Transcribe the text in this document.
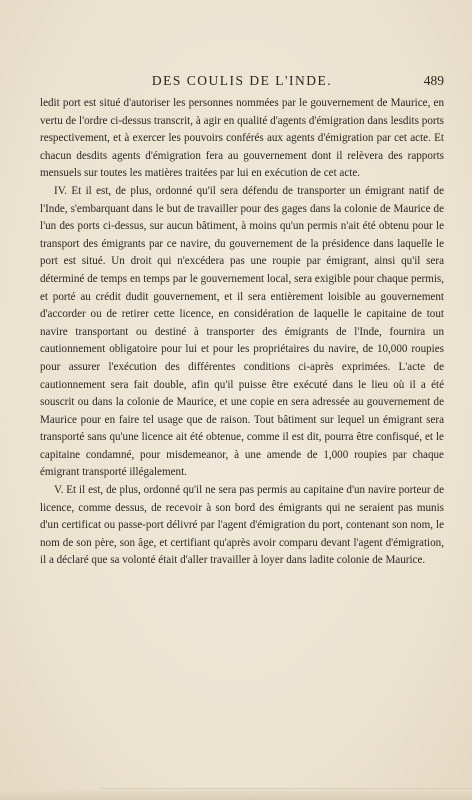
DES COULIS DE L'INDE.	489

ledit port est situé d'autoriser les personnes nommées par le gouvernement de Maurice, en vertu de l'ordre ci-dessus transcrit, à agir en qualité d'agents d'émigration dans lesdits ports respectivement, et à exercer les pouvoirs conférés aux agents d'émigration par cet acte. Et chacun desdits agents d'émigration fera au gouvernement dont il relèvera des rapports mensuels sur toutes les matières traitées par lui en exécution de cet acte.

IV. Et il est, de plus, ordonné qu'il sera défendu de transporter un émigrant natif de l'Inde, s'embarquant dans le but de travailler pour des gages dans la colonie de Maurice de l'un des ports ci-dessus, sur aucun bâtiment, à moins qu'un permis n'ait été obtenu pour le transport des émigrants par ce navire, du gouvernement de la présidence dans laquelle le port est situé. Un droit qui n'excédera pas une roupie par émigrant, ainsi qu'il sera déterminé de temps en temps par le gouvernement local, sera exigible pour chaque permis, et porté au crédit dudit gouvernement, et il sera entièrement loisible au gouvernement d'accorder ou de retirer cette licence, en considération de laquelle le capitaine de tout navire transportant ou destiné à transporter des émigrants de l'Inde, fournira un cautionnement obligatoire pour lui et pour les propriétaires du navire, de 10,000 roupies pour assurer l'exécution des différentes conditions ci-après exprimées. L'acte de cautionnement sera fait double, afin qu'il puisse être exécuté dans le lieu où il a été souscrit ou dans la colonie de Maurice, et une copie en sera adressée au gouvernement de Maurice pour en faire tel usage que de raison. Tout bâtiment sur lequel un émigrant sera transporté sans qu'une licence ait été obtenue, comme il est dit, pourra être confisqué, et le capitaine condamné, pour misdemeanor, à une amende de 1,000 roupies par chaque émigrant transporté illégalement.

V. Et il est, de plus, ordonné qu'il ne sera pas permis au capitaine d'un navire porteur de licence, comme dessus, de recevoir à son bord des émigrants qui ne seraient pas munis d'un certificat ou passe-port délivré par l'agent d'émigration du port, contenant son nom, le nom de son père, son âge, et certifiant qu'après avoir comparu devant l'agent d'émigration, il a déclaré que sa volonté était d'aller travailler à loyer dans ladite colonie de Maurice.
